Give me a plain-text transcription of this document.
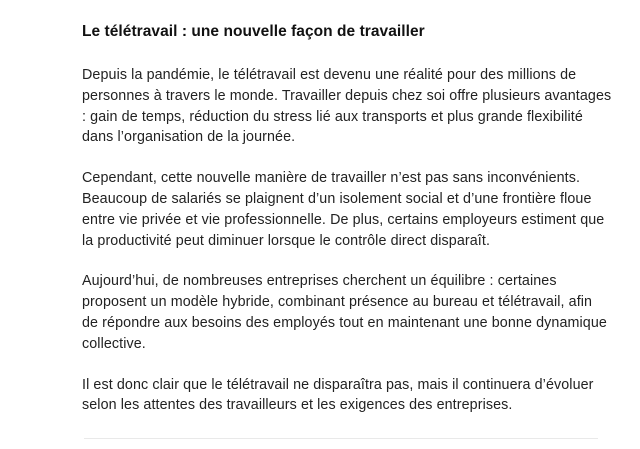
Le télétravail : une nouvelle façon de travailler

Depuis la pandémie, le télétravail est devenu une réalité pour des millions de personnes à travers le monde. Travailler depuis chez soi offre plusieurs avantages : gain de temps, réduction du stress lié aux transports et plus grande flexibilité dans l’organisation de la journée.

Cependant, cette nouvelle manière de travailler n’est pas sans inconvénients. Beaucoup de salariés se plaignent d’un isolement social et d’une frontière floue entre vie privée et vie professionnelle. De plus, certains employeurs estiment que la productivité peut diminuer lorsque le contrôle direct disparaît.

Aujourd’hui, de nombreuses entreprises cherchent un équilibre : certaines proposent un modèle hybride, combinant présence au bureau et télétravail, afin de répondre aux besoins des employés tout en maintenant une bonne dynamique collective.

Il est donc clair que le télétravail ne disparaîtra pas, mais il continuera d’évoluer selon les attentes des travailleurs et les exigences des entreprises.
